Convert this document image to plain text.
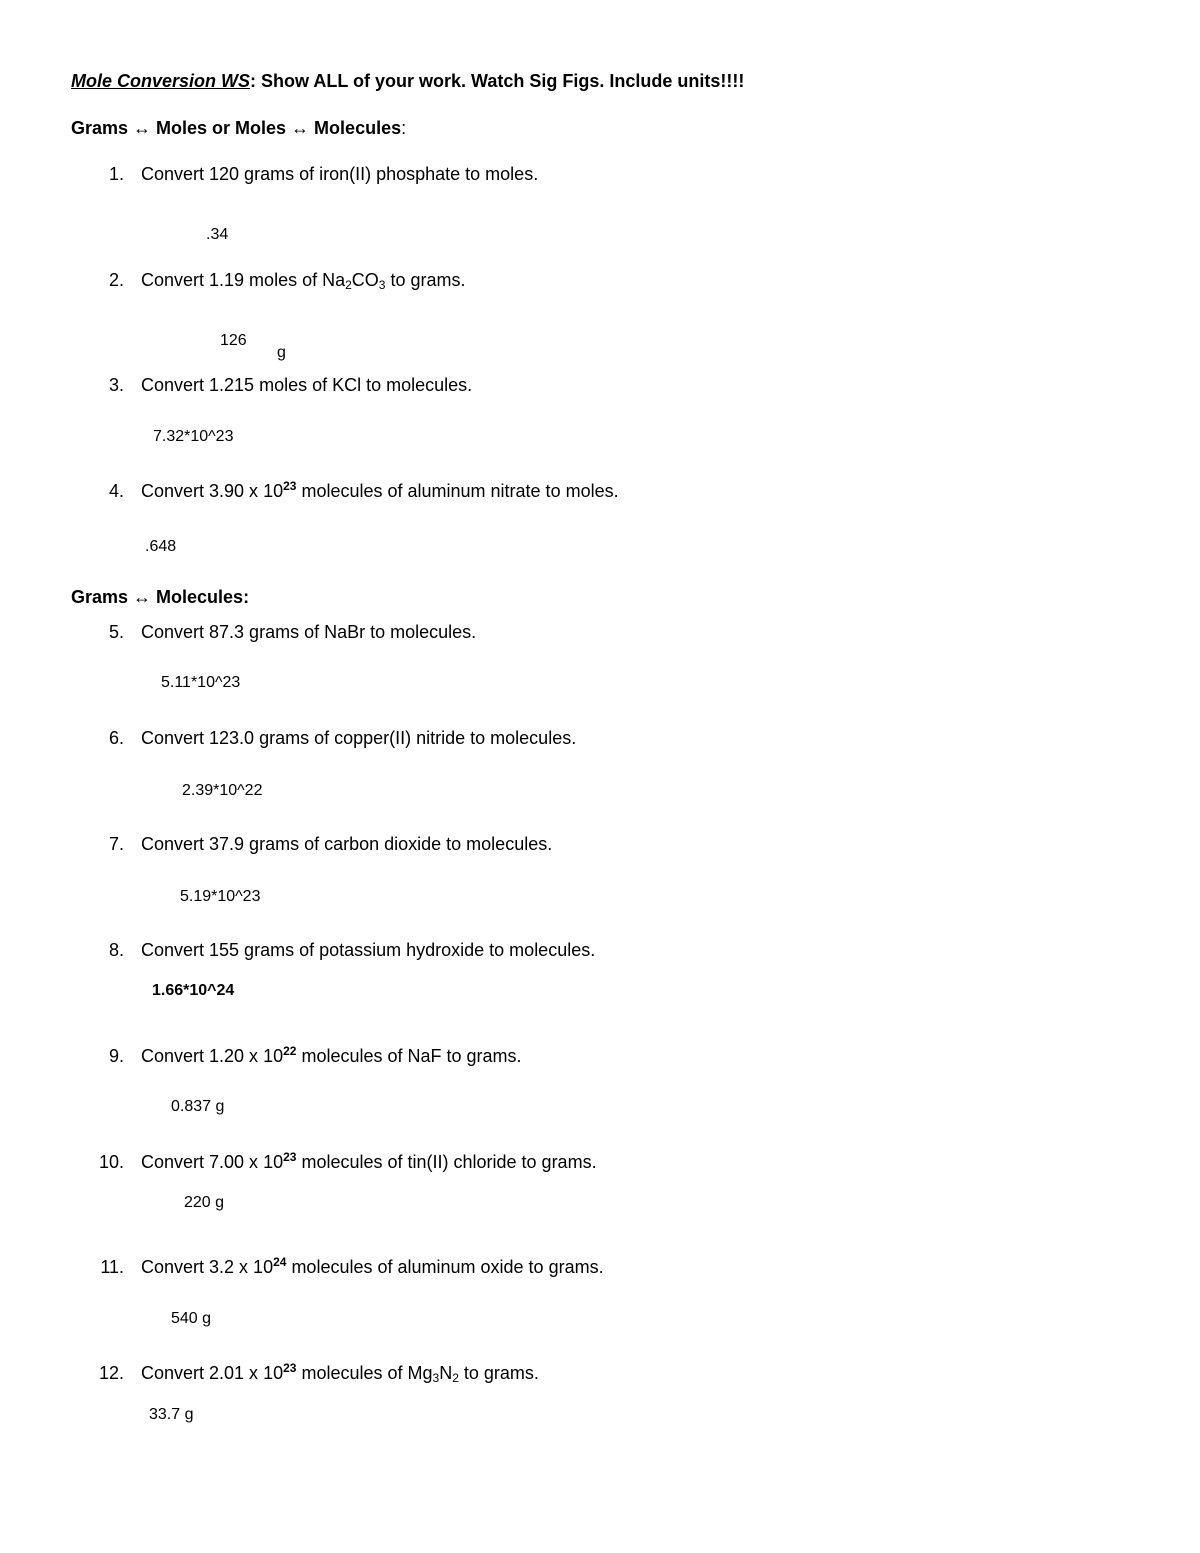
Mole Conversion WS: Show ALL of your work. Watch Sig Figs. Include units!!!!
Grams ↔ Moles or Moles ↔ Molecules:
1. Convert 120 grams of iron(II) phosphate to moles.
.34
2. Convert 1.19 moles of $Na_2CO_3$ to grams.
126
g
3. Convert 1.215 moles of KCl to molecules.
7.32*10^23
4. Convert 3.90 x $10^{23}$ molecules of aluminum nitrate to moles.
.648
Grams ↔ Molecules:
5. Convert 87.3 grams of NaBr to molecules.
5.11*10^23
6. Convert 123.0 grams of copper(II) nitride to molecules.
2.39*10^22
7. Convert 37.9 grams of carbon dioxide to molecules.
5.19*10^23
8. Convert 155 grams of potassium hydroxide to molecules.
1.66*10^24
9. Convert 1.20 x $10^{22}$ molecules of NaF to grams.
0.837 g
10. Convert 7.00 x $10^{23}$ molecules of tin(II) chloride to grams.
220 g
11. Convert 3.2 x $10^{24}$ molecules of aluminum oxide to grams.
540 g
12. Convert 2.01 x $10^{23}$ molecules of $Mg_3N_2$ to grams.
33.7 g
